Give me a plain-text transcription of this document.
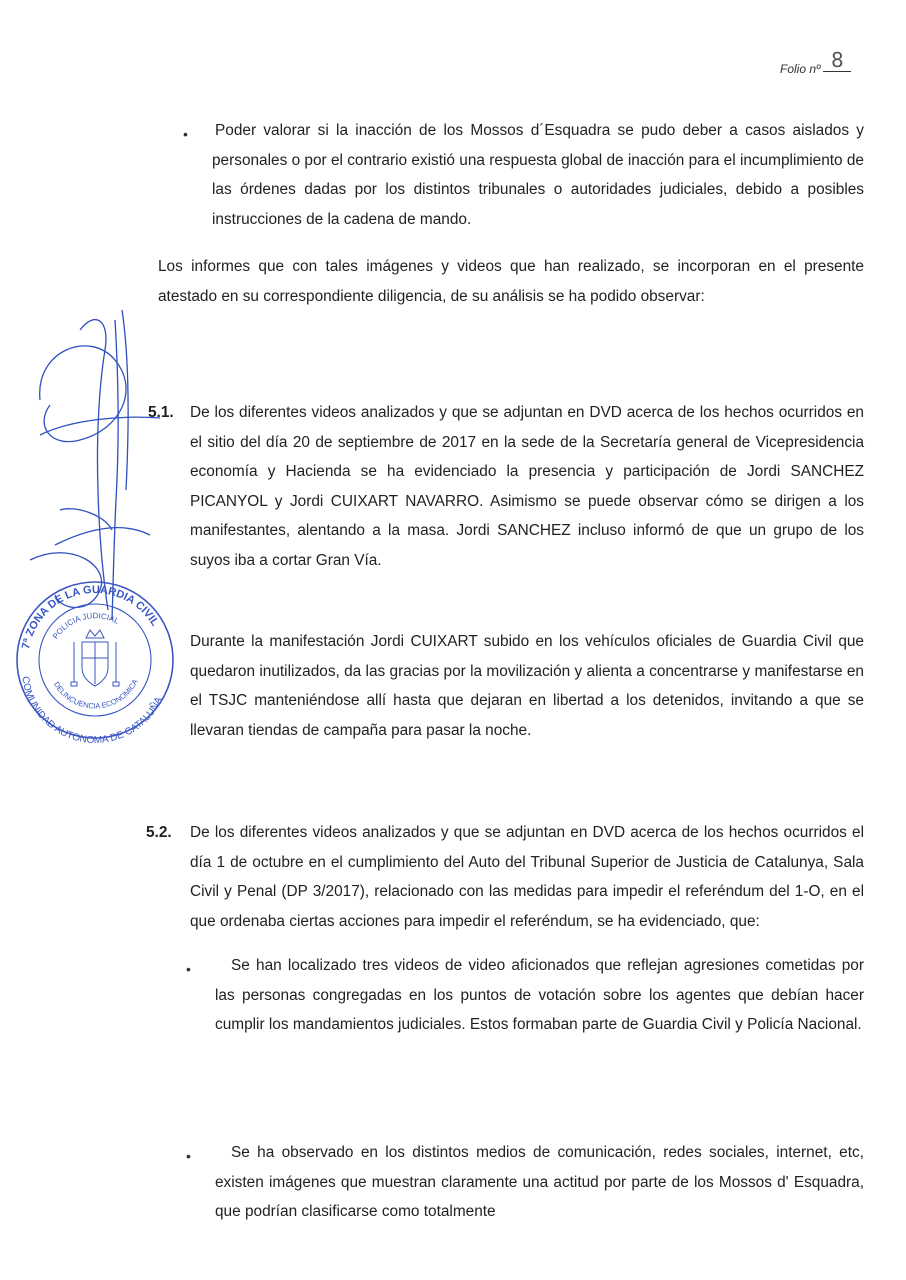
Folio nº 8
• Poder valorar si la inacción de los Mossos d´Esquadra se pudo deber a casos aislados y personales o por el contrario existió una respuesta global de inacción para el incumplimiento de las órdenes dadas por los distintos tribunales o autoridades judiciales, debido a posibles instrucciones de la cadena de mando.
Los informes que con tales imágenes y videos que han realizado, se incorporan en el presente atestado en su correspondiente diligencia, de su análisis se ha podido observar:
5.1. De los diferentes videos analizados y que se adjuntan en DVD acerca de los hechos ocurridos en el sitio del día 20 de septiembre de 2017 en la sede de la Secretaría general de Vicepresidencia economía y Hacienda se ha evidenciado la presencia y participación de Jordi SANCHEZ PICANYOL y Jordi CUIXART NAVARRO. Asimismo se puede observar cómo se dirigen a los manifestantes, alentando a la masa. Jordi SANCHEZ incluso informó de que un grupo de los suyos iba a cortar Gran Vía.
Durante la manifestación Jordi CUIXART subido en los vehículos oficiales de Guardia Civil que quedaron inutilizados, da las gracias por la movilización y alienta a concentrarse y manifestarse en el TSJC manteniéndose allí hasta que dejaran en libertad a los detenidos, invitando a que se llevaran tiendas de campaña para pasar la noche.
5.2. De los diferentes videos analizados y que se adjuntan en DVD acerca de los hechos ocurridos el día 1 de octubre en el cumplimiento del Auto del Tribunal Superior de Justicia de Catalunya, Sala Civil y Penal (DP 3/2017), relacionado con las medidas para impedir el referéndum del 1-O, en el que ordenaba ciertas acciones para impedir el referéndum, se ha evidenciado, que:
•	Se han localizado tres videos de video aficionados que reflejan agresiones cometidas por las personas congregadas en los puntos de votación sobre los agentes que debían hacer cumplir los mandamientos judiciales. Estos formaban parte de Guardia Civil y Policía Nacional.
•	Se ha observado en los distintos medios de comunicación, redes sociales, internet, etc, existen imágenes que muestran claramente una actitud por parte de los Mossos d' Esquadra, que podrían clasificarse como totalmente
7ª ZONA DE LA GUARDIA CIVIL
POLICIA JUDICIAL
COMUNIDAD AUTONOMA DE CATALUÑA
DELINCUENCIA ECONOMICA
